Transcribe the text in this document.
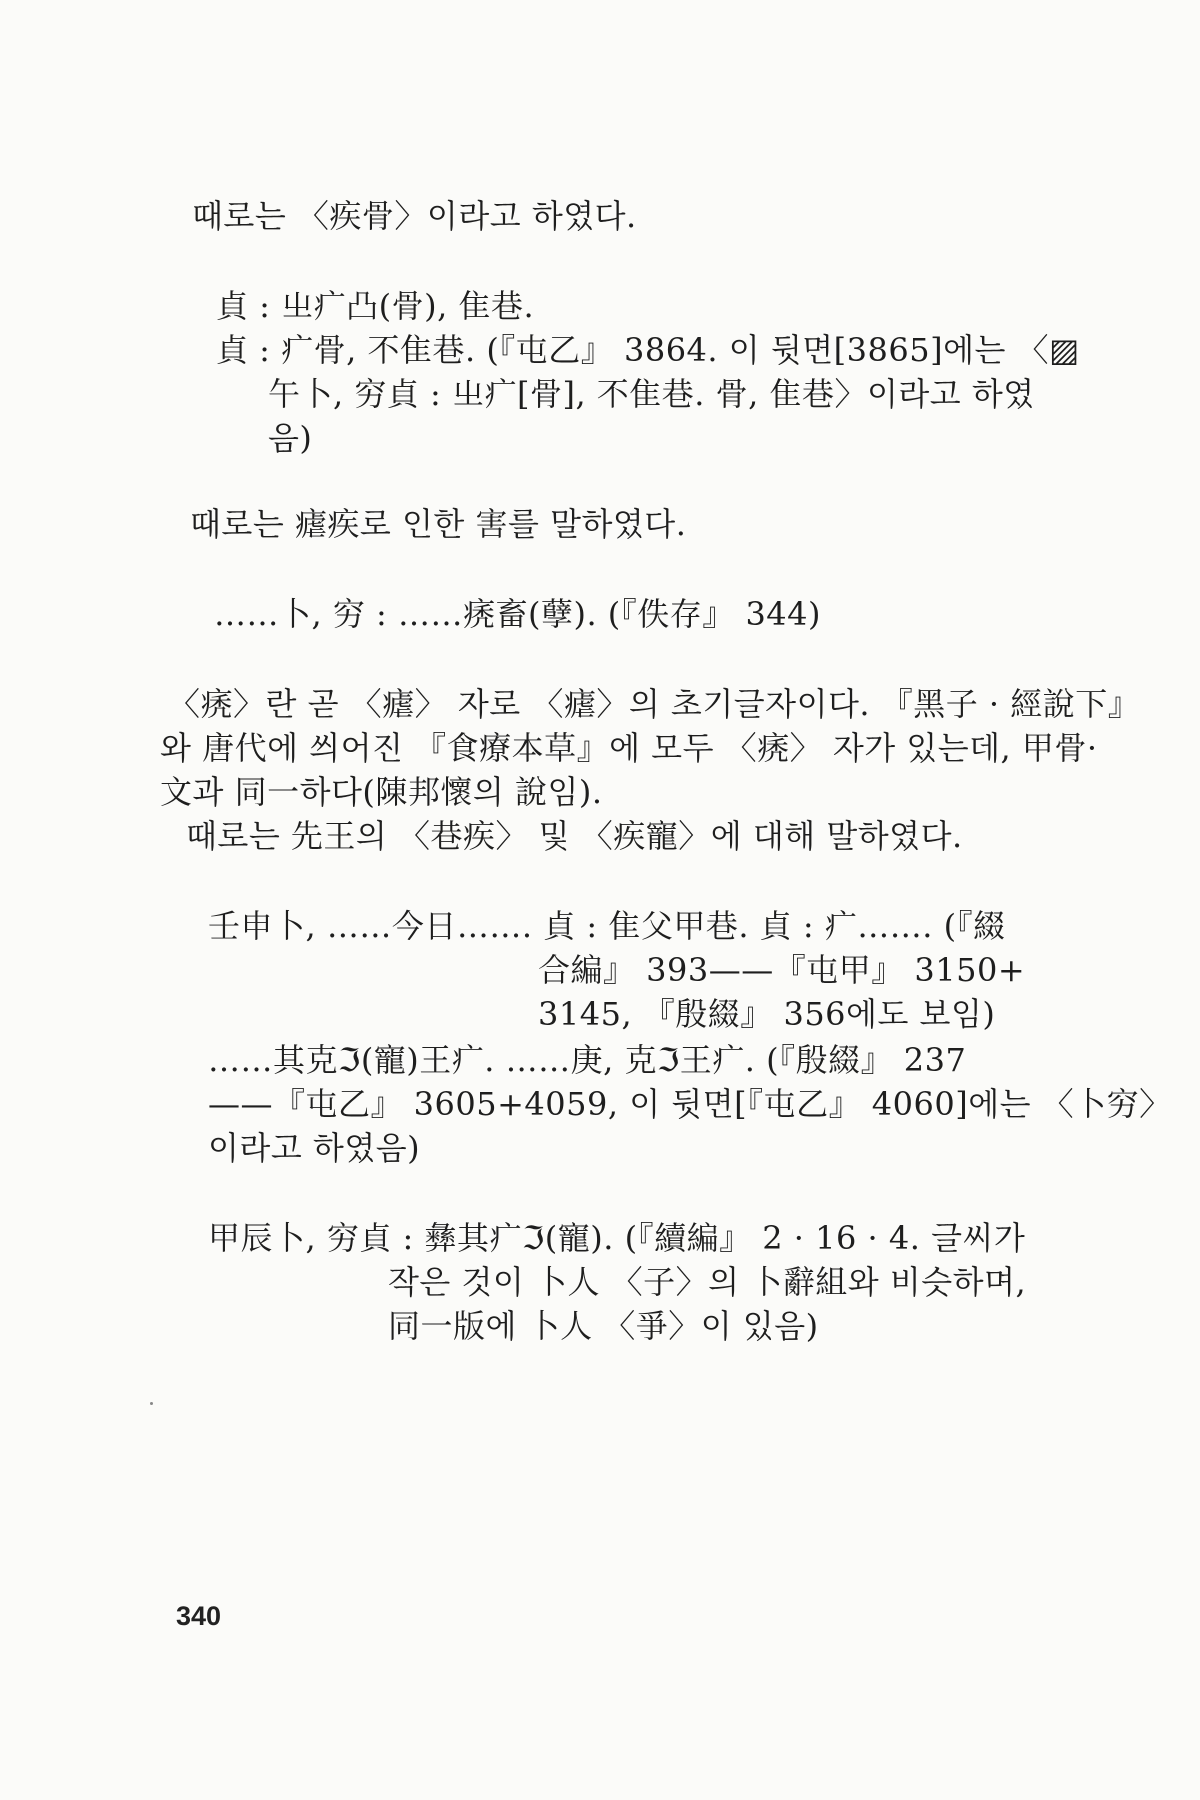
때로는 〈疾骨〉이라고 하였다.
貞 : 㞢疒凸(骨), 隹巷.
貞 : 疒骨, 不隹巷. (『屯乙』 3864. 이 뒷면[3865]에는 〈▨
午卜, 穷貞 : 㞢疒[骨], 不隹巷. 骨, 隹巷〉이라고 하였
음)
때로는 瘧疾로 인한 害를 말하였다.
……卜, 穷 : ……痜畜(孽). (『佚存』 344)
〈痜〉란 곧 〈瘧〉 자로 〈瘧〉의 초기글자이다. 『黑子 · 經說下』
와 唐代에 씌어진 『食療本草』에 모두 〈痜〉 자가 있는데, 甲骨·
文과 同一하다(陳邦懷의 說임).
때로는 先王의 〈巷疾〉 및 〈疾寵〉에 대해 말하였다.
壬申卜, ……今日……. 貞 : 隹父甲巷. 貞 : 疒……. (『綴
合編』 393——『屯甲』 3150+
3145, 『殷綴』 356에도 보임)
……其克ℑ(寵)王疒. ……庚, 克ℑ王疒. (『殷綴』 237
——『屯乙』 3605+4059, 이 뒷면[『屯乙』 4060]에는 〈卜穷〉
이라고 하였음)
甲辰卜, 穷貞 : 彝其疒ℑ(寵). (『續編』 2 · 16 · 4. 글씨가
작은 것이 卜人 〈子〉의 卜辭組와 비슷하며,
同一版에 卜人 〈爭〉이 있음)
340
